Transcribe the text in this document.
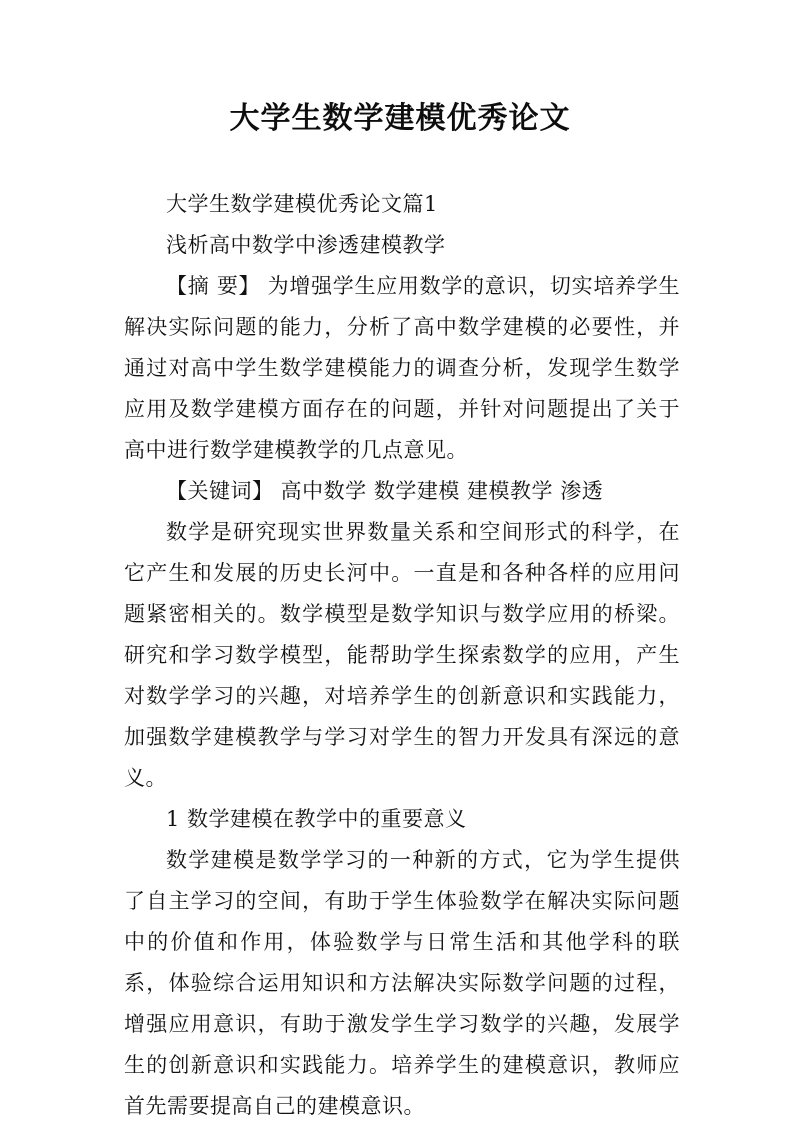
大学生数学建模优秀论文

大学生数学建模优秀论文篇1

浅析高中数学中渗透建模教学

【摘 要】 为增强学生应用数学的意识，切实培养学生解决实际问题的能力，分析了高中数学建模的必要性，并通过对高中学生数学建模能力的调查分析，发现学生数学应用及数学建模方面存在的问题，并针对问题提出了关于高中进行数学建模教学的几点意见。

【关键词】 高中数学 数学建模 建模教学 渗透

数学是研究现实世界数量关系和空间形式的科学，在它产生和发展的历史长河中。一直是和各种各样的应用问题紧密相关的。数学模型是数学知识与数学应用的桥梁。研究和学习数学模型，能帮助学生探索数学的应用，产生对数学学习的兴趣，对培养学生的创新意识和实践能力，加强数学建模教学与学习对学生的智力开发具有深远的意义。

1 数学建模在教学中的重要意义

数学建模是数学学习的一种新的方式，它为学生提供了自主学习的空间，有助于学生体验数学在解决实际问题中的价值和作用，体验数学与日常生活和其他学科的联系，体验综合运用知识和方法解决实际数学问题的过程，增强应用意识，有助于激发学生学习数学的兴趣，发展学生的创新意识和实践能力。培养学生的建模意识，教师应首先需要提高自己的建模意识。
